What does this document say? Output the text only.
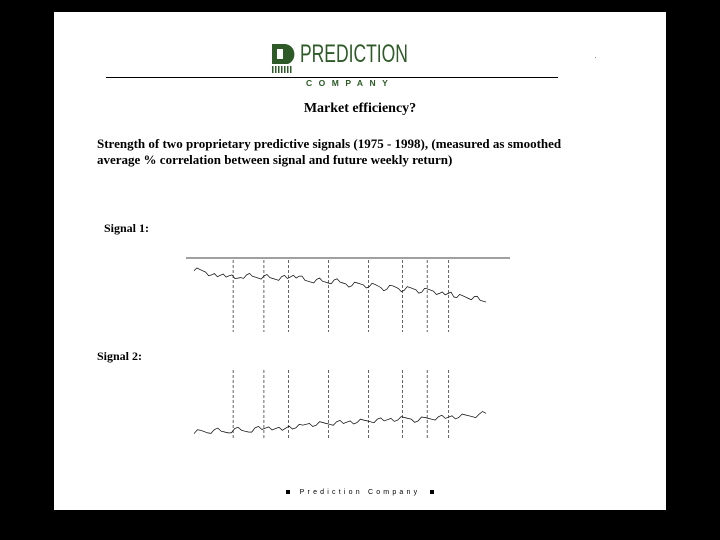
PREDICTION
COMPANY
Market efficiency?
Strength of two proprietary predictive signals (1975 - 1998), (measured as smoothed average % correlation between signal and future weekly return)
Signal 1:
Signal 2:
Prediction Company
